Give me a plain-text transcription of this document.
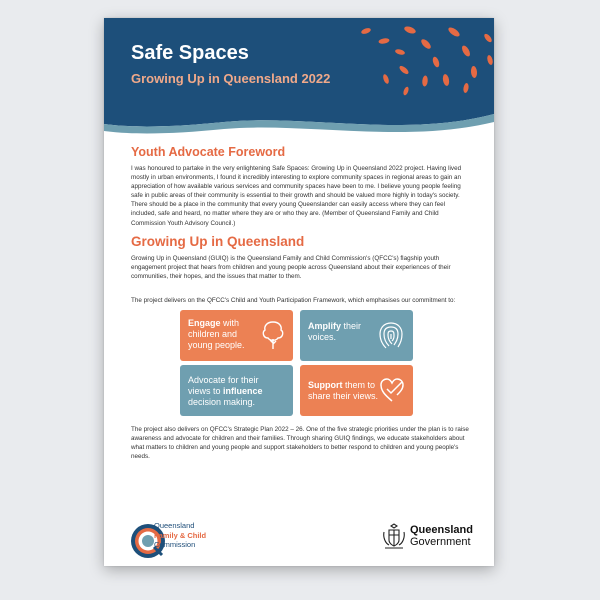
Safe Spaces
Growing Up in Queensland 2022
Youth Advocate Foreword

I was honoured to partake in the very enlightening Safe Spaces: Growing Up in Queensland 2022 project. Having lived mostly in urban environments, I found it incredibly interesting to explore community spaces in regional areas to gain an appreciation of how available various services and community spaces have been to me. I believe young people feeling safe in public areas of their community is essential to their growth and should be valued more highly in today's society. There should be a place in the community that every young Queenslander can easily access where they can feel included, safe and heard, no matter where they are or who they are. (Member of Queensland Family and Child Commission Youth Advisory Council.)

Growing Up in Queensland

Growing Up in Queensland (GUIQ) is the Queensland Family and Child Commission's (QFCC's) flagship youth engagement project that hears from children and young people across Queensland about their experiences of their communities, their hopes, and the issues that matter to them.

The project delivers on the QFCC's Child and Youth Participation Framework, which emphasises our commitment to:

Engage with children and young people.
Amplify their voices.
Advocate for their views to influence decision making.
Support them to share their views.

The project also delivers on QFCC's Strategic Plan 2022 – 26. One of the five strategic priorities under the plan is to raise awareness and advocate for children and their families. Through sharing GUIQ findings, we educate stakeholders about what matters to children and young people and support stakeholders to better respond to children and young people's needs.

Queensland
Family & Child
Commission
Queensland
Government
